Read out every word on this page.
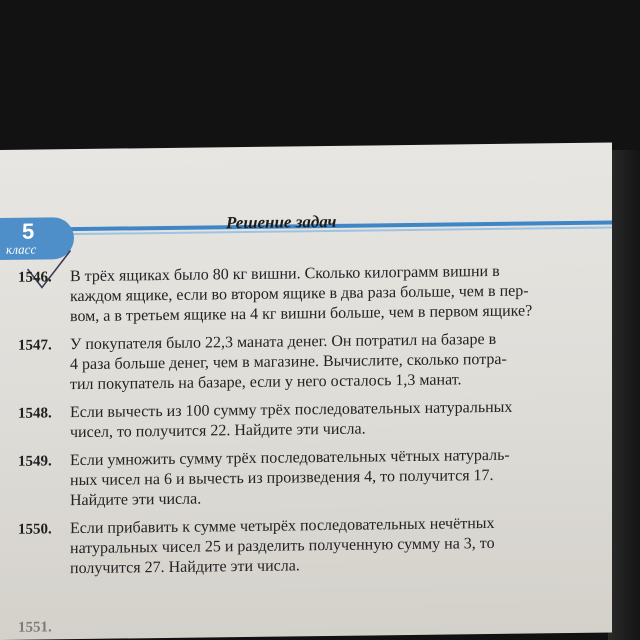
5
класс
Решение задач
1546.	В трёх ящиках было 80 кг вишни. Сколько килограмм вишни в
каждом ящике, если во втором ящике в два раза больше, чем в пер-
вом, а в третьем ящике на 4 кг вишни больше, чем в первом ящике?
1547.	У покупателя было 22,3 маната денег. Он потратил на базаре в
4 раза больше денег, чем в магазине. Вычислите, сколько потра-
тил покупатель на базаре, если у него осталось 1,3 манат.
1548.	Если вычесть из 100 сумму трёх последовательных натуральных
чисел, то получится 22. Найдите эти числа.
1549.	Если умножить сумму трёх последовательных чётных натураль-
ных чисел на 6 и вычесть из произведения 4, то получится 17.
Найдите эти числа.
1550.	Если прибавить к сумме четырёх последовательных нечётных
натуральных чисел 25 и разделить полученную сумму на 3, то
получится 27. Найдите эти числа.
1551.
